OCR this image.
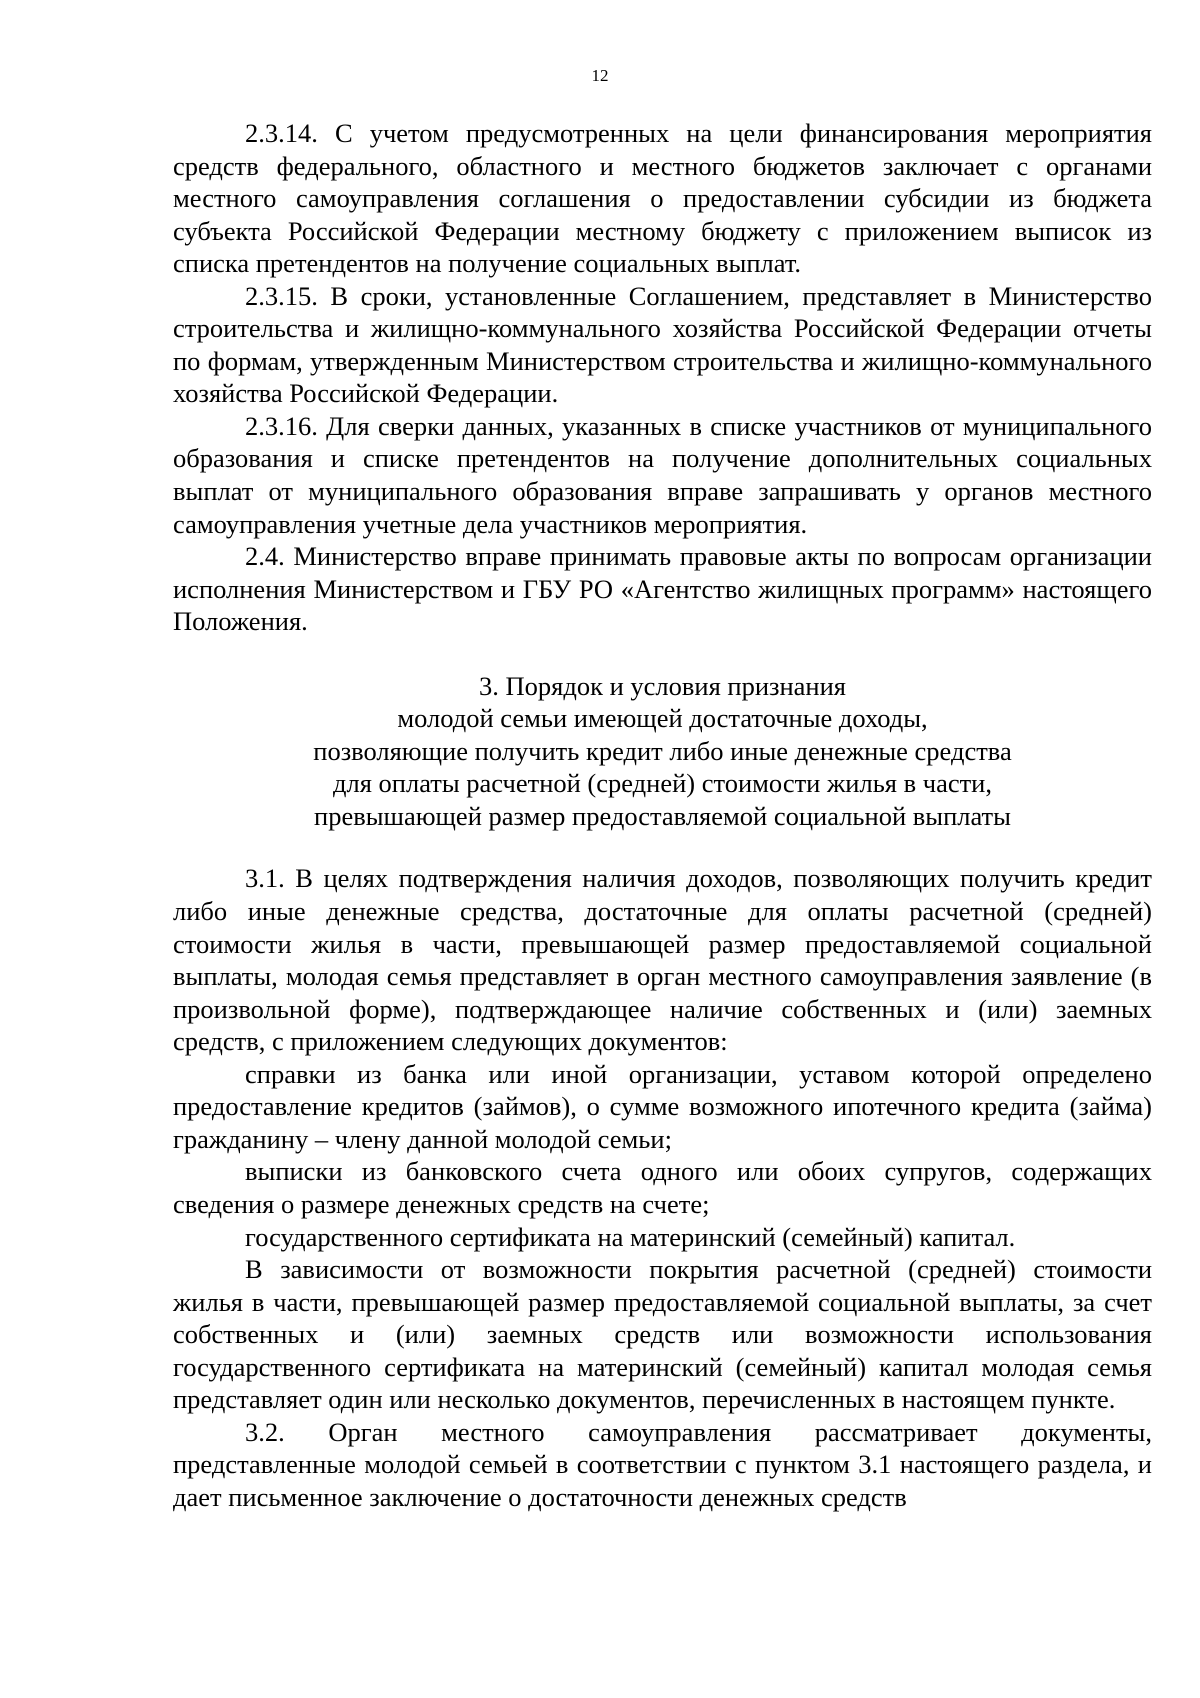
12

2.3.14. С учетом предусмотренных на цели финансирования мероприятия средств федерального, областного и местного бюджетов заключает с органами местного самоуправления соглашения о предоставлении субсидии из бюджета субъекта Российской Федерации местному бюджету с приложением выписок из списка претендентов на получение социальных выплат.

2.3.15. В сроки, установленные Соглашением, представляет в Министерство строительства и жилищно-коммунального хозяйства Российской Федерации отчеты по формам, утвержденным Министерством строительства и жилищно-коммунального хозяйства Российской Федерации.

2.3.16. Для сверки данных, указанных в списке участников от муниципального образования и списке претендентов на получение дополнительных социальных выплат от муниципального образования вправе запрашивать у органов местного самоуправления учетные дела участников мероприятия.

2.4. Министерство вправе принимать правовые акты по вопросам организации исполнения Министерством и ГБУ РО «Агентство жилищных программ» настоящего Положения.

3. Порядок и условия признания
молодой семьи имеющей достаточные доходы,
позволяющие получить кредит либо иные денежные средства
для оплаты расчетной (средней) стоимости жилья в части,
превышающей размер предоставляемой социальной выплаты

3.1. В целях подтверждения наличия доходов, позволяющих получить кредит либо иные денежные средства, достаточные для оплаты расчетной (средней) стоимости жилья в части, превышающей размер предоставляемой социальной выплаты, молодая семья представляет в орган местного самоуправления заявление (в произвольной форме), подтверждающее наличие собственных и (или) заемных средств, с приложением следующих документов:

справки из банка или иной организации, уставом которой определено предоставление кредитов (займов), о сумме возможного ипотечного кредита (займа) гражданину – члену данной молодой семьи;

выписки из банковского счета одного или обоих супругов, содержащих сведения о размере денежных средств на счете;

государственного сертификата на материнский (семейный) капитал.

В зависимости от возможности покрытия расчетной (средней) стоимости жилья в части, превышающей размер предоставляемой социальной выплаты, за счет собственных и (или) заемных средств или возможности использования государственного сертификата на материнский (семейный) капитал молодая семья представляет один или несколько документов, перечисленных в настоящем пункте.

3.2. Орган местного самоуправления рассматривает документы, представленные молодой семьей в соответствии с пунктом 3.1 настоящего раздела, и дает письменное заключение о достаточности денежных средств
